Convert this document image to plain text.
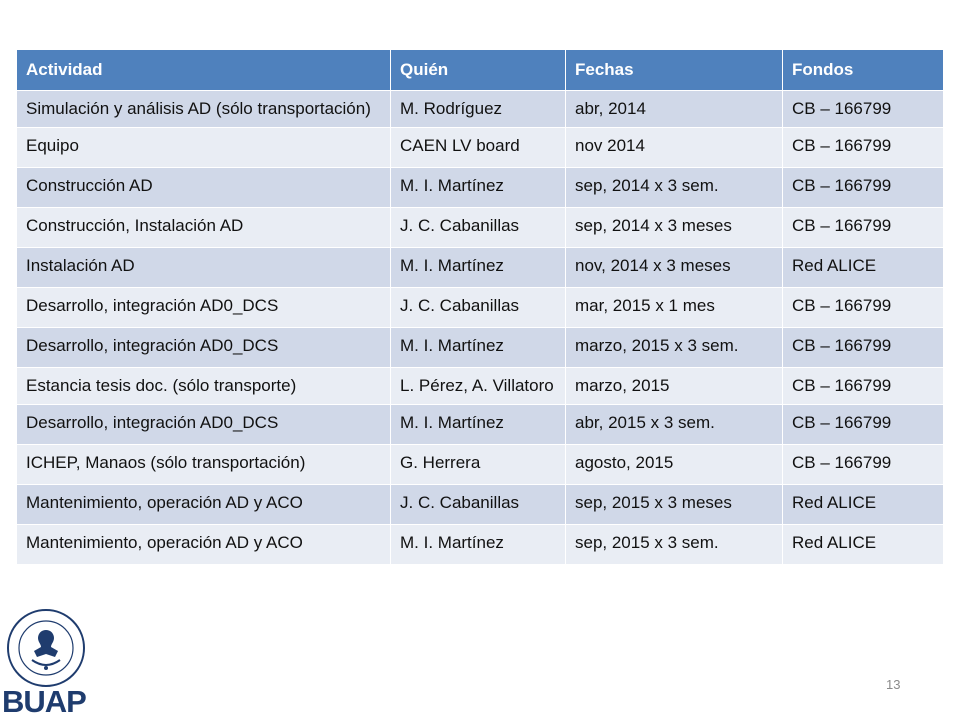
Actividad	Quién	Fechas	Fondos
Simulación y análisis AD (sólo transportación)	M. Rodríguez	abr, 2014	CB – 166799
Equipo	CAEN LV board	nov 2014	CB – 166799
Construcción AD	M. I. Martínez	sep, 2014 x 3 sem.	CB – 166799
Construcción, Instalación AD	J. C. Cabanillas	sep, 2014 x 3 meses	CB – 166799
Instalación AD	M. I. Martínez	nov, 2014 x 3 meses	Red ALICE
Desarrollo, integración AD0_DCS	J. C. Cabanillas	mar, 2015 x 1 mes	CB – 166799
Desarrollo, integración AD0_DCS	M. I. Martínez	marzo, 2015 x 3 sem.	CB – 166799
Estancia tesis doc. (sólo transporte)	L. Pérez, A. Villatoro	marzo, 2015	CB – 166799
Desarrollo, integración AD0_DCS	M. I. Martínez	abr, 2015 x 3 sem.	CB – 166799
ICHEP, Manaos (sólo transportación)	G. Herrera	agosto, 2015	CB – 166799
Mantenimiento, operación AD y ACO	J. C. Cabanillas	sep, 2015 x 3 meses	Red ALICE
Mantenimiento, operación AD y ACO	M. I. Martínez	sep, 2015 x 3 sem.	Red ALICE
BUAP	13
